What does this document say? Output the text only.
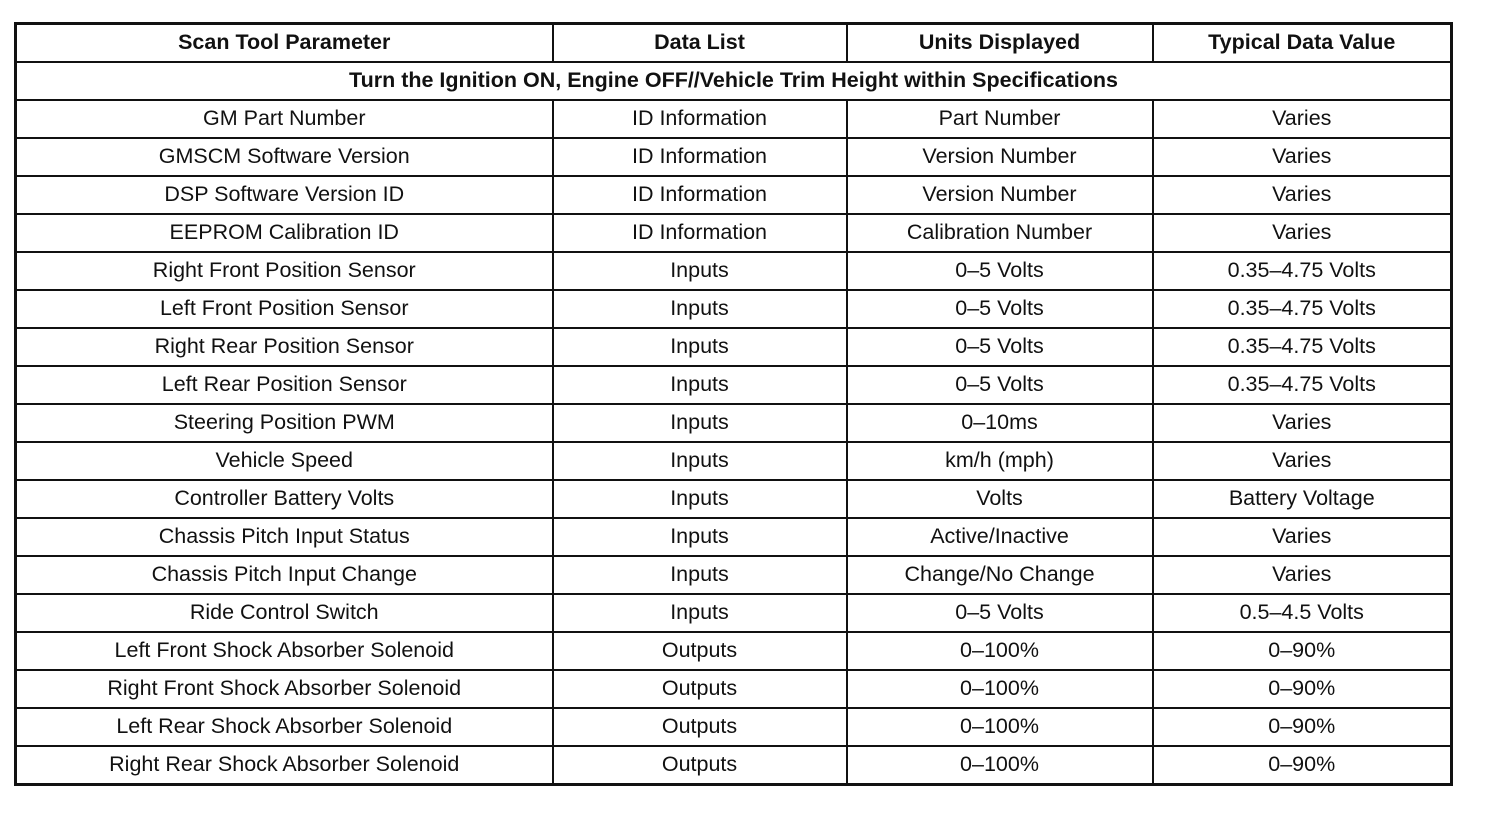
Scan Tool Parameter	Data List	Units Displayed	Typical Data Value
Turn the Ignition ON, Engine OFF//Vehicle Trim Height within Specifications			
GM Part Number	ID Information	Part Number	Varies
GMSCM Software Version	ID Information	Version Number	Varies
DSP Software Version ID	ID Information	Version Number	Varies
EEPROM Calibration ID	ID Information	Calibration Number	Varies
Right Front Position Sensor	Inputs	0–5 Volts	0.35–4.75 Volts
Left Front Position Sensor	Inputs	0–5 Volts	0.35–4.75 Volts
Right Rear Position Sensor	Inputs	0–5 Volts	0.35–4.75 Volts
Left Rear Position Sensor	Inputs	0–5 Volts	0.35–4.75 Volts
Steering Position PWM	Inputs	0–10ms	Varies
Vehicle Speed	Inputs	km/h (mph)	Varies
Controller Battery Volts	Inputs	Volts	Battery Voltage
Chassis Pitch Input Status	Inputs	Active/Inactive	Varies
Chassis Pitch Input Change	Inputs	Change/No Change	Varies
Ride Control Switch	Inputs	0–5 Volts	0.5–4.5 Volts
Left Front Shock Absorber Solenoid	Outputs	0–100%	0–90%
Right Front Shock Absorber Solenoid	Outputs	0–100%	0–90%
Left Rear Shock Absorber Solenoid	Outputs	0–100%	0–90%
Right Rear Shock Absorber Solenoid	Outputs	0–100%	0–90%
